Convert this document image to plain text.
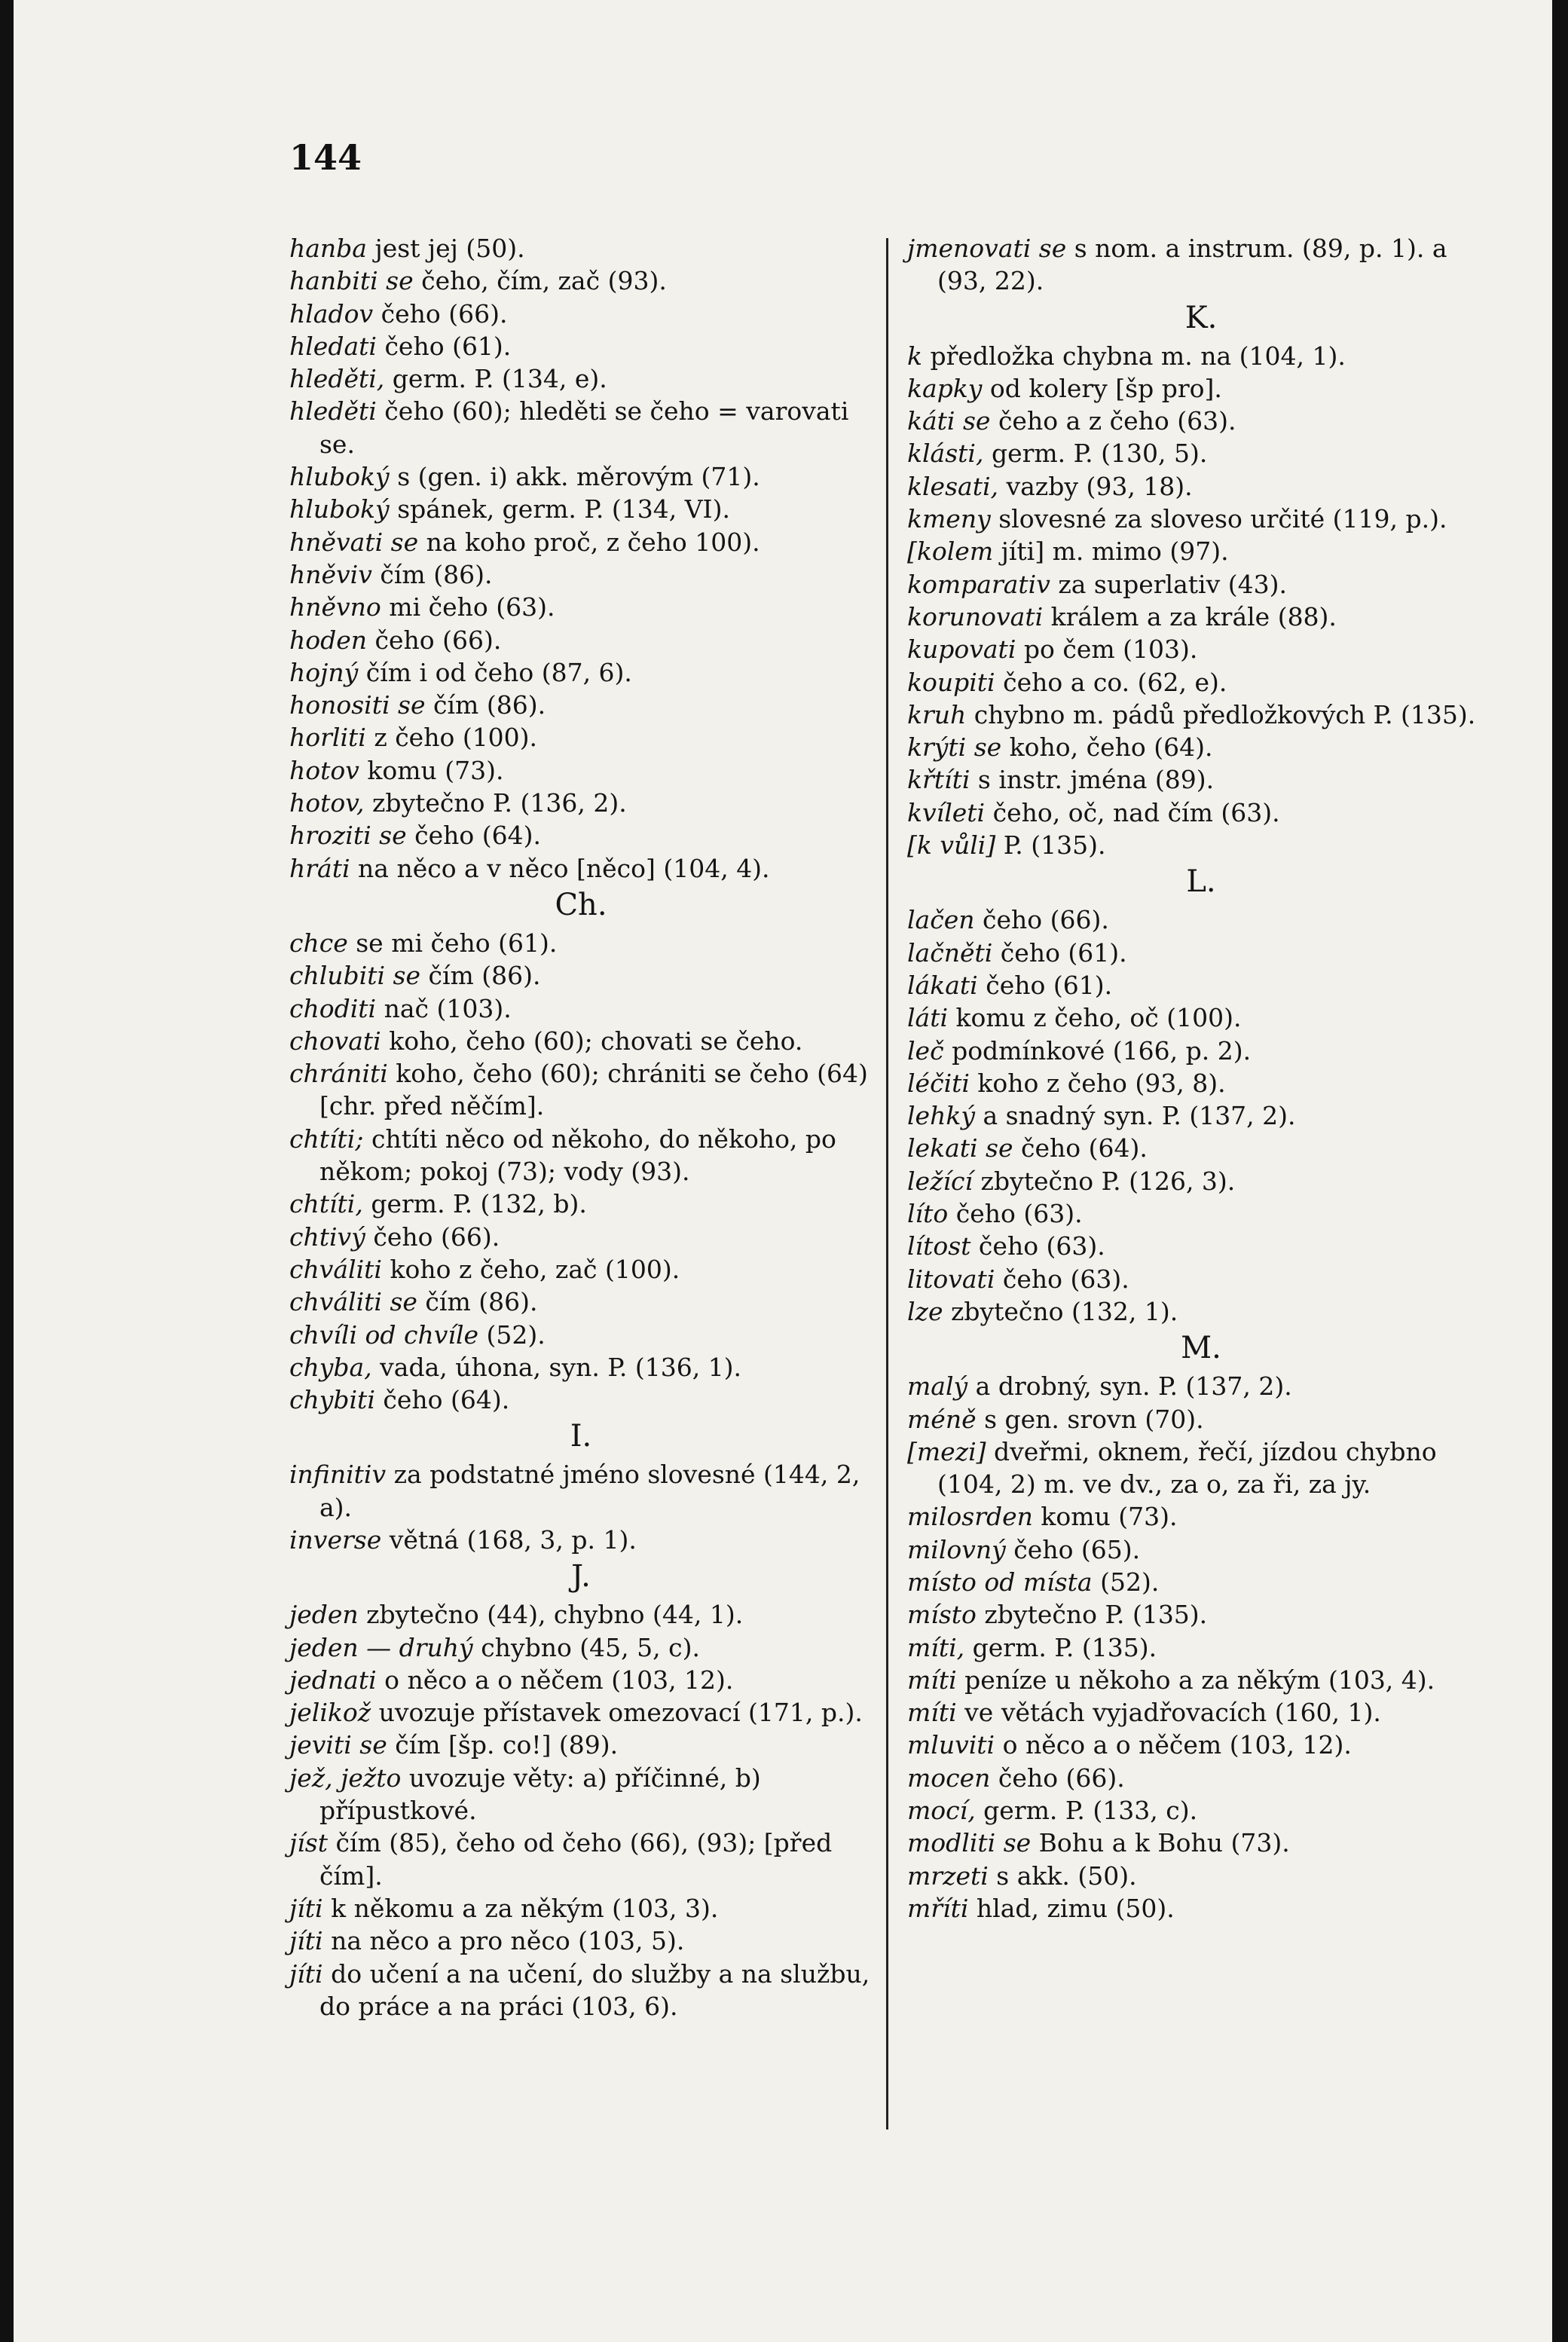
144

hanba jest jej (50).

hanbiti se čeho, čím, zač (93).

hladov čeho (66).

hledati čeho (61).

hleděti, germ. P. (134, e).

hleděti čeho (60); hleděti se čeho = varovati se.

hluboký s (gen. i) akk. měrovým (71).

hluboký spánek, germ. P. (134, VI).

hněvati se na koho proč, z čeho 100).

hněviv čím (86).

hněvno mi čeho (63).

hoden čeho (66).

hojný čím i od čeho (87, 6).

honositi se čím (86).

horliti z čeho (100).

hotov komu (73).

hotov, zbytečno P. (136, 2).

hroziti se čeho (64).

hráti na něco a v něco [něco] (104, 4).

Ch.

chce se mi čeho (61).

chlubiti se čím (86).

choditi nač (103).

chovati koho, čeho (60); chovati se čeho.

chrániti koho, čeho (60); chrániti se čeho (64) [chr. před něčím].

chtíti; chtíti něco od někoho, do někoho, po někom; pokoj (73); vody (93).

chtíti, germ. P. (132, b).

chtivý čeho (66).

chváliti koho z čeho, zač (100).

chváliti se čím (86).

chvíli od chvíle (52).

chyba, vada, úhona, syn. P. (136, 1).

chybiti čeho (64).

I.

infinitiv za podstatné jméno slovesné (144, 2, a).

inverse větná (168, 3, p. 1).

J.

jeden zbytečno (44), chybno (44, 1).

jeden — druhý chybno (45, 5, c).

jednati o něco a o něčem (103, 12).

jelikož uvozuje přístavek omezovací (171, p.).

jeviti se čím [šp. co!] (89).

jež, ježto uvozuje věty: a) příčinné, b) přípustkové.

jíst čím (85), čeho od čeho (66), (93); [před čím].

jíti k někomu a za někým (103, 3).

jíti na něco a pro něco (103, 5).

jíti do učení a na učení, do služby a na službu, do práce a na práci (103, 6).

jmenovati se s nom. a instrum. (89, p. 1). a (93, 22).

K.

k předložka chybna m. na (104, 1).

kapky od kolery [šp pro].

káti se čeho a z čeho (63).

klásti, germ. P. (130, 5).

klesati, vazby (93, 18).

kmeny slovesné za sloveso určité (119, p.).

[kolem jíti] m. mimo (97).

komparativ za superlativ (43).

korunovati králem a za krále (88).

kupovati po čem (103).

koupiti čeho a co. (62, e).

kruh chybno m. pádů předložkových P. (135).

krýti se koho, čeho (64).

křtíti s instr. jména (89).

kvíleti čeho, oč, nad čím (63).

[k vůli] P. (135).

L.

lačen čeho (66).

lačněti čeho (61).

lákati čeho (61).

láti komu z čeho, oč (100).

leč podmínkové (166, p. 2).

léčiti koho z čeho (93, 8).

lehký a snadný syn. P. (137, 2).

lekati se čeho (64).

ležící zbytečno P. (126, 3).

líto čeho (63).

lítost čeho (63).

litovati čeho (63).

lze zbytečno (132, 1).

M.

malý a drobný, syn. P. (137, 2).

méně s gen. srovn (70).

[mezi] dveřmi, oknem, řečí, jízdou chybno (104, 2) m. ve dv., za o, za ři, za jy.

milosrden komu (73).

milovný čeho (65).

místo od místa (52).

místo zbytečno P. (135).

míti, germ. P. (135).

míti peníze u někoho a za někým (103, 4).

míti ve větách vyjadřovacích (160, 1).

mluviti o něco a o něčem (103, 12).

mocen čeho (66).

mocí, germ. P. (133, c).

modliti se Bohu a k Bohu (73).

mrzeti s akk. (50).

mříti hlad, zimu (50).
